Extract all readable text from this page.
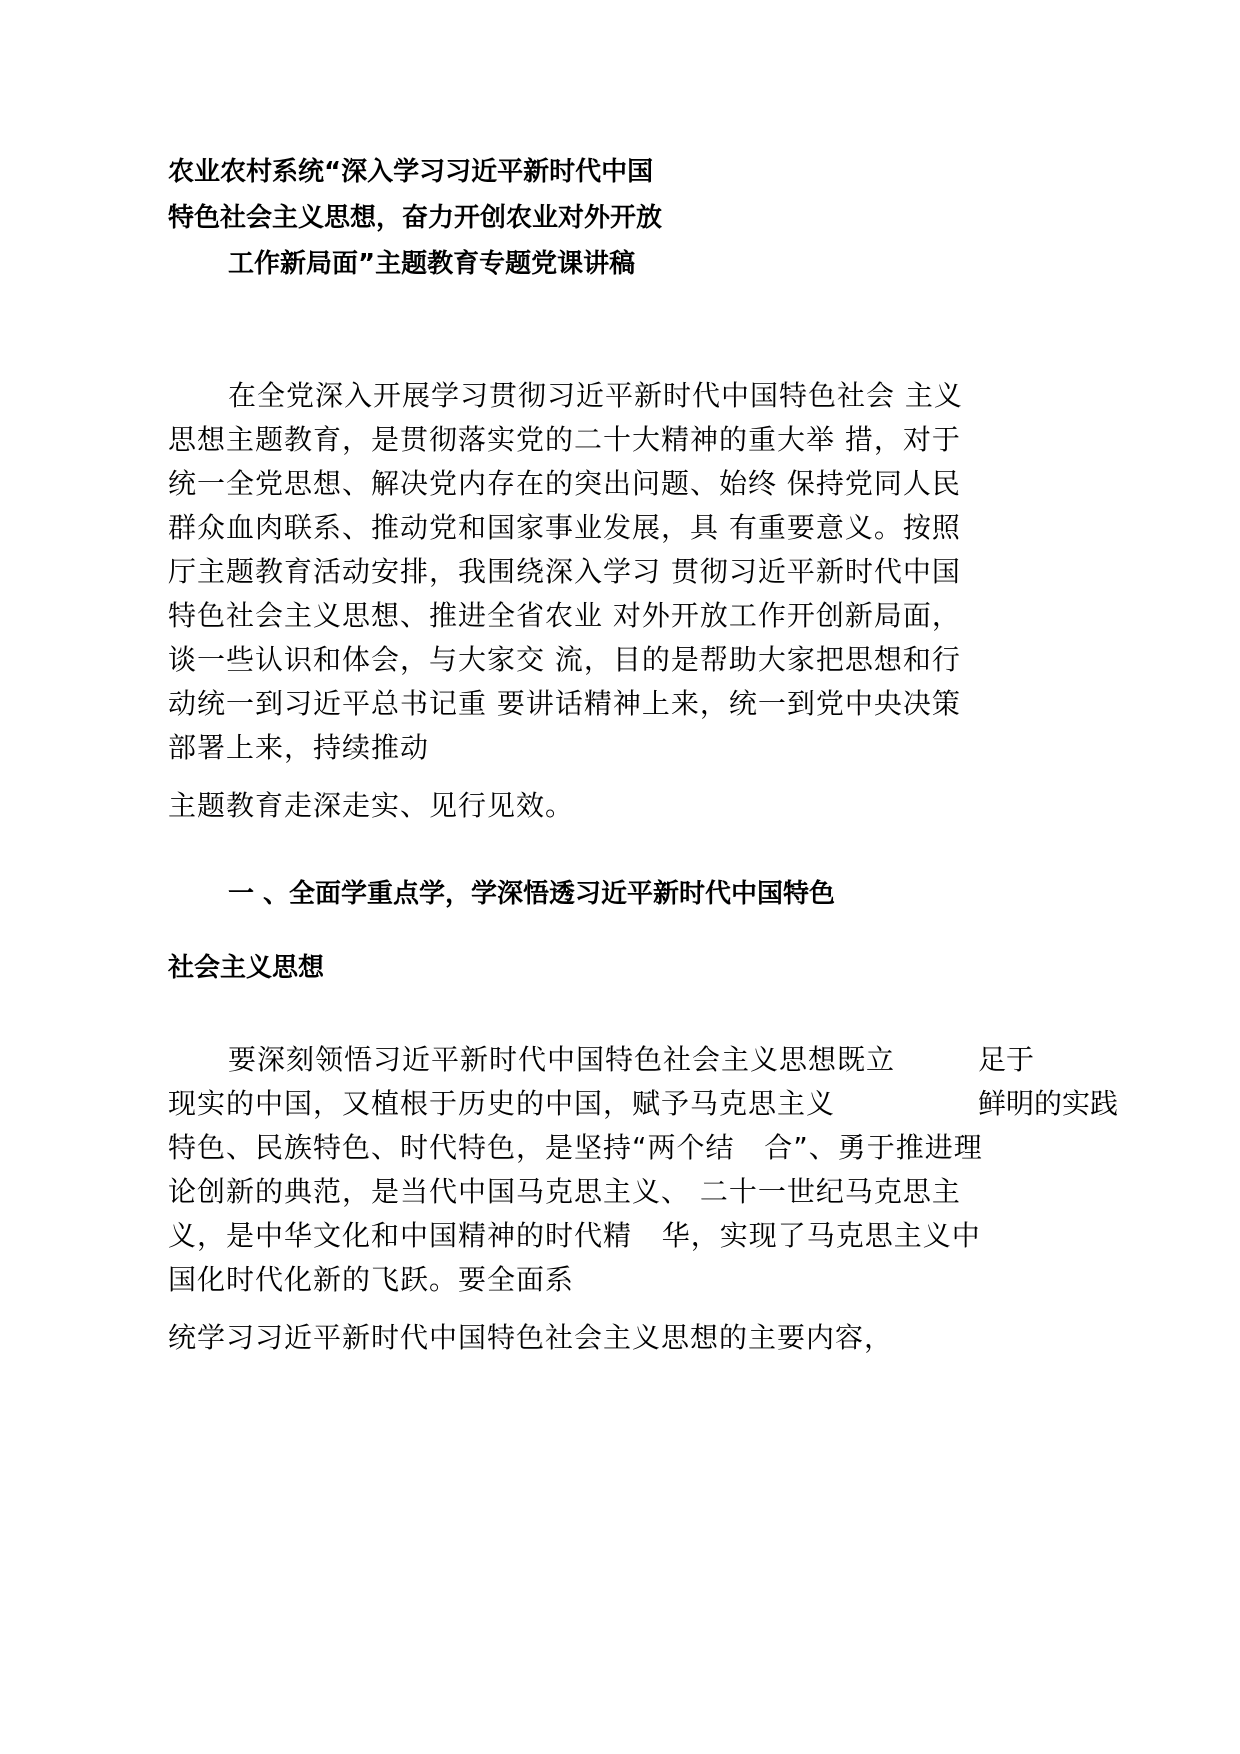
农业农村系统“深入学习习近平新时代中国
特色社会主义思想，奋力开创农业对外开放
工作新局面”主题教育专题党课讲稿
在全党深入开展学习贯彻习近平新时代中国特色社会 主义
思想主题教育，是贯彻落实党的二十大精神的重大举 措，对于
统一全党思想、解决党内存在的突出问题、始终 保持党同人民
群众血肉联系、推动党和国家事业发展，具 有重要意义。按照
厅主题教育活动安排，我围绕深入学习 贯彻习近平新时代中国
特色社会主义思想、推进全省农业 对外开放工作开创新局面，
谈一些认识和体会，与大家交 流，目的是帮助大家把思想和行
动统一到习近平总书记重 要讲话精神上来，统一到党中央决策
部署上来，持续推动
主题教育走深走实、见行见效。
一 、全面学重点学，学深悟透习近平新时代中国特色
社会主义思想
要深刻领悟习近平新时代中国特色社会主义思想既立
现实的中国，又植根于历史的中国，赋予马克思主义
特色、民族特色、时代特色，是坚持“两个结   合”、勇于推进理
论创新的典范，是当代中国马克思主义、 二十一世纪马克思主
义，是中华文化和中国精神的时代精   华，实现了马克思主义中
国化时代化新的飞跃。要全面系
足于
鲜明的实践
统学习习近平新时代中国特色社会主义思想的主要内容，
